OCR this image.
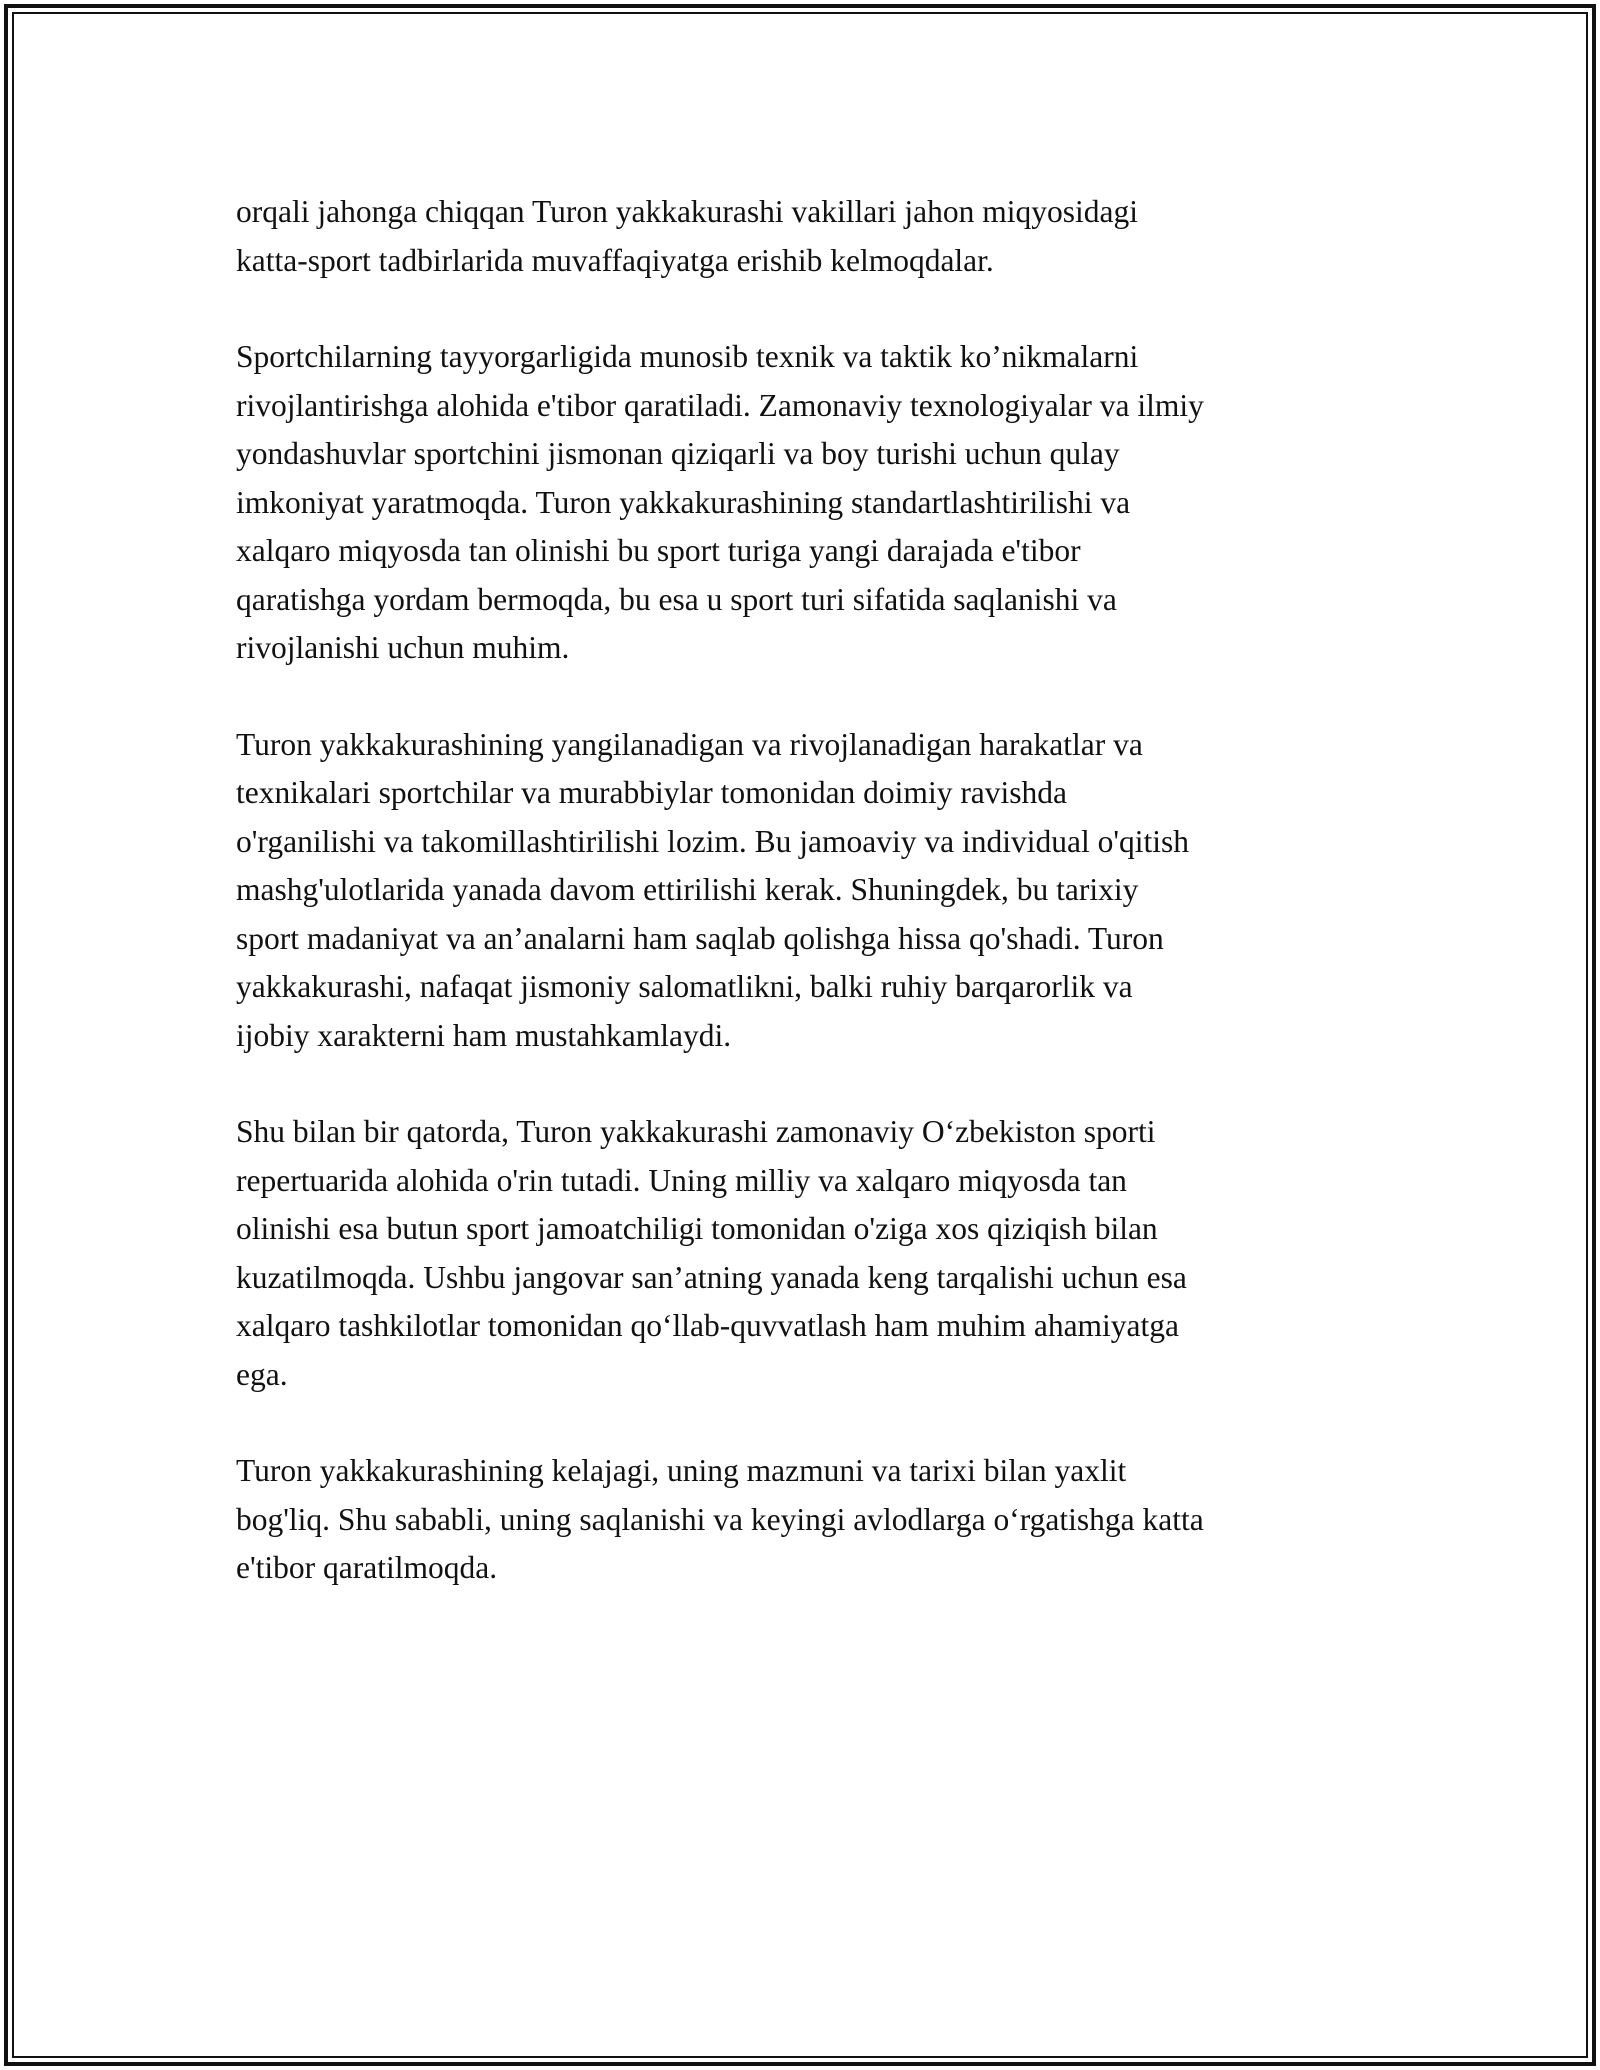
orqali jahonga chiqqan Turon yakkakurashi vakillari jahon miqyosidagi
katta-sport tadbirlarida muvaffaqiyatga erishib kelmoqdalar.

Sportchilarning tayyorgarligida munosib texnik va taktik ko’nikmalarni
rivojlantirishga alohida e'tibor qaratiladi. Zamonaviy texnologiyalar va ilmiy
yondashuvlar sportchini jismonan qiziqarli va boy turishi uchun qulay
imkoniyat yaratmoqda. Turon yakkakurashining standartlashtirilishi va
xalqaro miqyosda tan olinishi bu sport turiga yangi darajada e'tibor
qaratishga yordam bermoqda, bu esa u sport turi sifatida saqlanishi va
rivojlanishi uchun muhim.

Turon yakkakurashining yangilanadigan va rivojlanadigan harakatlar va
texnikalari sportchilar va murabbiylar tomonidan doimiy ravishda
o'rganilishi va takomillashtirilishi lozim. Bu jamoaviy va individual o'qitish
mashg'ulotlarida yanada davom ettirilishi kerak. Shuningdek, bu tarixiy
sport madaniyat va an’analarni ham saqlab qolishga hissa qo'shadi. Turon
yakkakurashi, nafaqat jismoniy salomatlikni, balki ruhiy barqarorlik va
ijobiy xarakterni ham mustahkamlaydi.

Shu bilan bir qatorda, Turon yakkakurashi zamonaviy O‘zbekiston sporti
repertuarida alohida o'rin tutadi. Uning milliy va xalqaro miqyosda tan
olinishi esa butun sport jamoatchiligi tomonidan o'ziga xos qiziqish bilan
kuzatilmoqda. Ushbu jangovar san’atning yanada keng tarqalishi uchun esa
xalqaro tashkilotlar tomonidan qo‘llab-quvvatlash ham muhim ahamiyatga
ega.

Turon yakkakurashining kelajagi, uning mazmuni va tarixi bilan yaxlit
bog'liq. Shu sababli, uning saqlanishi va keyingi avlodlarga o‘rgatishga katta
e'tibor qaratilmoqda.
